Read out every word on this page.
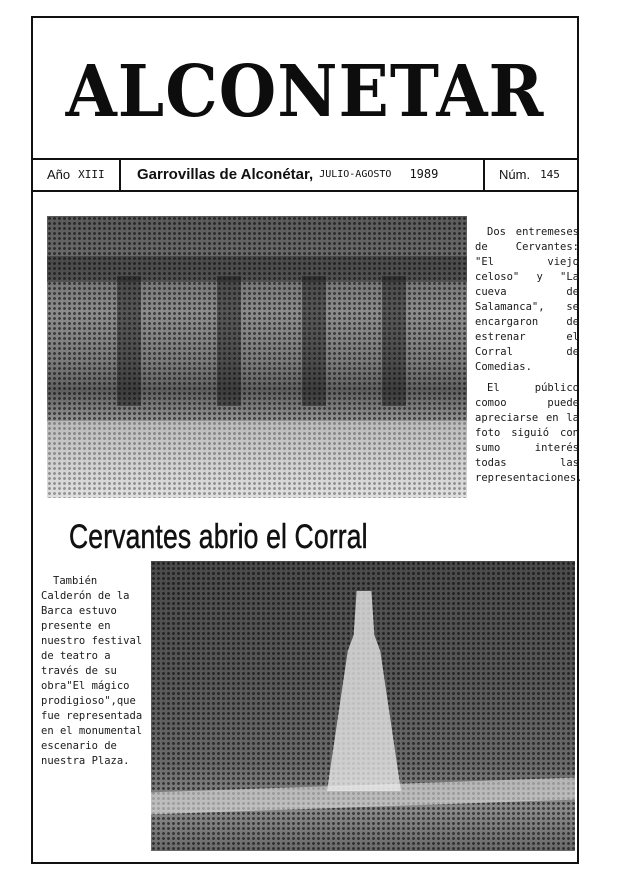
ALCONETAR
Año XIII Garrovillas de Alconétar, JULIO-AGOSTO 1989	Núm. 145

Dos entremeses de Cervantes: "El viejo celoso" y "La cueva de Salamanca", se encargaron de estrenar el Corral de Comedias.

El público comoo puede apreciarse en la foto siguió con sumo interés todas las representaciones.

Cervantes abrio el Corral

También Calderón de la Barca estuvo presente en nuestro festival de teatro a través de su obra"El mágico prodigioso",que fue representada en el monumental escenario de nuestra Plaza.
